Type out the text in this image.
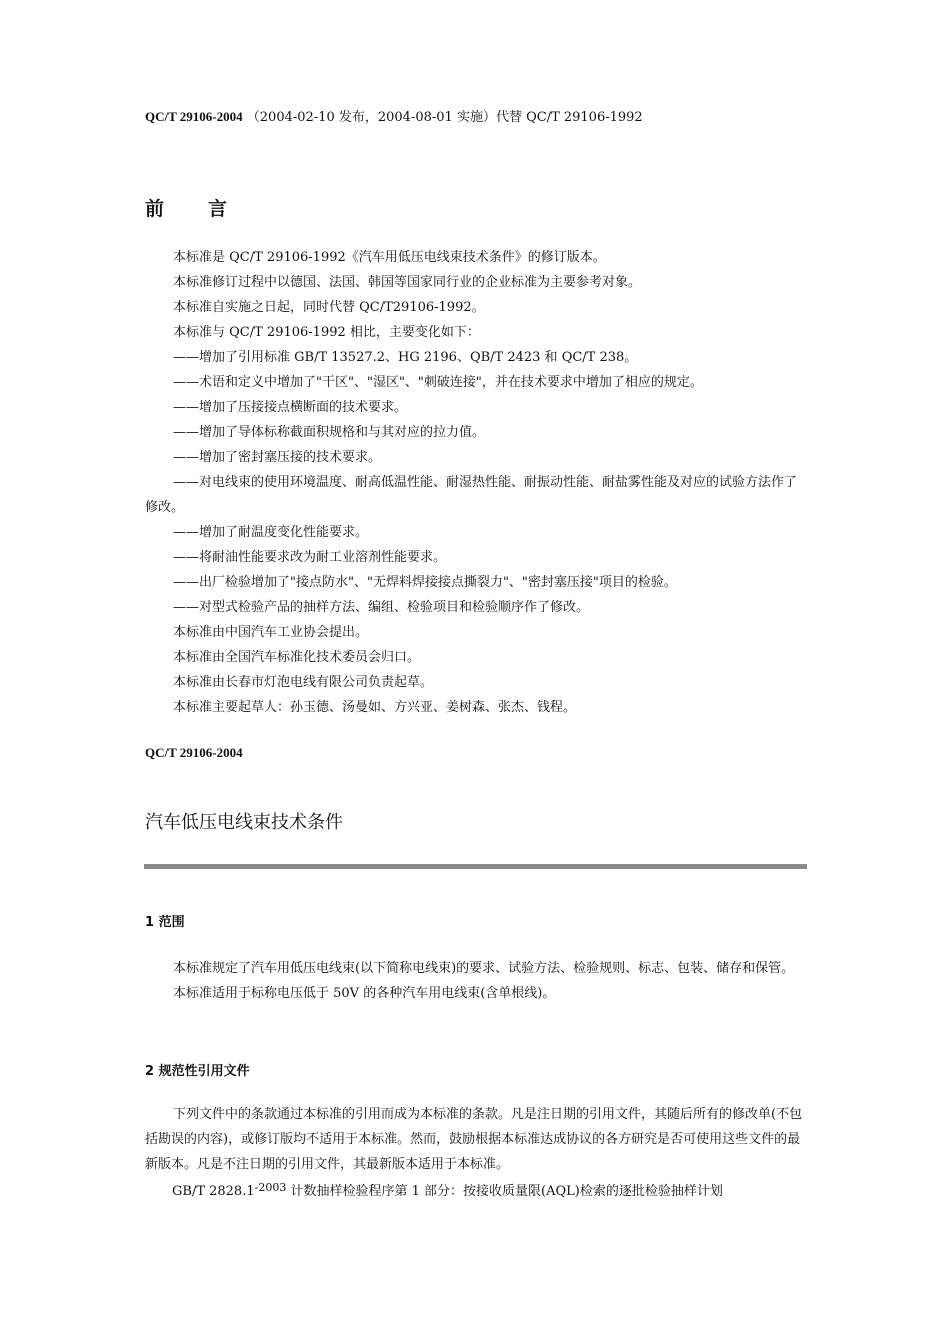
QC/T 29106-2004 （2004-02-10 发布，2004-08-01 实施）代替 QC/T 29106-1992
前 言

本标准是 QC/T 29106-1992《汽车用低压电线束技术条件》的修订版本。

本标准修订过程中以德国、法国、韩国等国家同行业的企业标准为主要参考对象。

本标准自实施之日起，同时代替 QC/T29106-1992。

本标准与 QC/T 29106-1992 相比，主要变化如下：

——增加了引用标准 GB/T 13527.2、HG 2196、QB/T 2423 和 QC/T 238。

——术语和定义中增加了"干区"、"湿区"、"刺破连接"，并在技术要求中增加了相应的规定。

——增加了压接接点横断面的技术要求。

——增加了导体标称截面积规格和与其对应的拉力值。

——增加了密封塞压接的技术要求。

——对电线束的使用环境温度、耐高低温性能、耐湿热性能、耐振动性能、耐盐雾性能及对应的试验方法作了修改。

——增加了耐温度变化性能要求。

——将耐油性能要求改为耐工业溶剂性能要求。

——出厂检验增加了"接点防水"、"无焊料焊接接点撕裂力"、"密封塞压接"项目的检验。

——对型式检验产品的抽样方法、编组、检验项目和检验顺序作了修改。

本标准由中国汽车工业协会提出。

本标准由全国汽车标准化技术委员会归口。

本标准由长春市灯泡电线有限公司负责起草。

本标准主要起草人：孙玉德、汤曼如、方兴亚、姜树森、张杰、钱程。

QC/T 29106-2004
汽车低压电线束技术条件
1 范围

本标准规定了汽车用低压电线束(以下简称电线束)的要求、试验方法、检验规则、标志、包装、储存和保管。

本标准适用于标称电压低于 50V 的各种汽车用电线束(含单根线)。

2 规范性引用文件

下列文件中的条款通过本标准的引用而成为本标准的条款。凡是注日期的引用文件，其随后所有的修改单(不包括勘误的内容)，或修订版均不适用于本标准。然而，鼓励根据本标准达成协议的各方研究是否可使用这些文件的最新版本。凡是不注日期的引用文件，其最新版本适用于本标准。

GB/T $2828.1^{-2003}$ 计数抽样检验程序第 1 部分：按接收质量限(AQL)检索的逐批检验抽样计划
